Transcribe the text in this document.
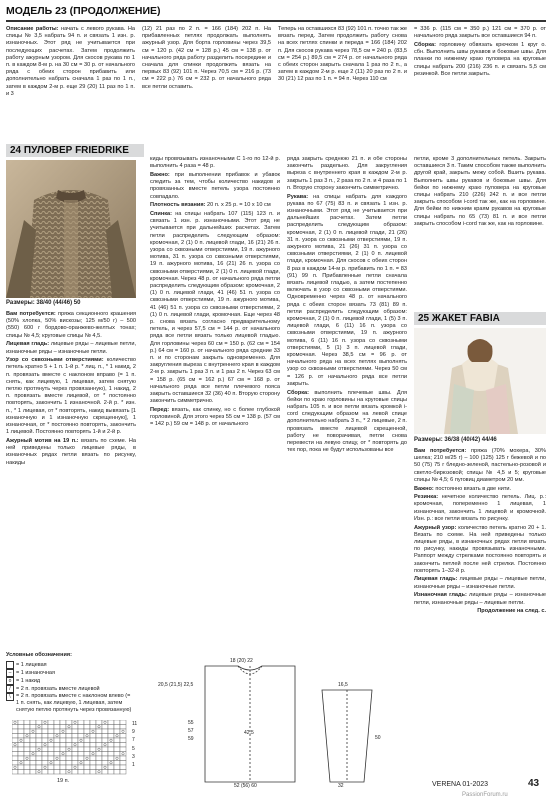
МОДЕЛЬ 23 (ПРОДОЛЖЕНИЕ)

Описание работы: начать с левого рукава. На спицы № 3,5 набрать 94 п. и связать 1 изн. р. изнаночных. Этот ряд не учитывается при последующих расчетах. Затем продолжить работу ажурным узором. Для скосов рукава по 1 п. в каждом 8-м р. на 30 см = 30 р. от начального ряда с обеих сторон прибавить или дополнительно набрать сначала 1 раз по 1 п., затем в каждом 2-м р. еще 29 (20) 11 раз по 1 п. и 3

(12) 21 раз по 2 п. = 166 (184) 202 п. На прибавленных петлях продолжать выполнять ажурный узор. Для борта горловины через 39,5 см = 120 р. (42 см = 128 р.) 45 см = 138 р. от начального ряда работу разделить посередине и сначала для спинки продолжить вязать на первых 83 (92) 101 п. Через 70,5 см = 216 р. (73 см = 222 р.) 76 см = 232 р. от начального ряда все петли оставить.

Теперь на оставшихся 83 (92) 101 п. точно так же вязать перед. Затем продолжить работу снова на всех петлях спинки и переда = 166 (184) 202 п. Для скосов рукава через 78,5 см = 240 р. (83,5 см = 254 р.) 89,5 см = 274 р. от начального ряда с обеих сторон закрыть сначала 1 раз по 2 п., а затем в каждом 2-м р. еще 2 (11) 20 раз по 2 п. и 30 (21) 12 раз по 1 п. = 94 п. Через 110 см

= 336 р. (115 см = 350 р.) 121 см = 370 р. от начального ряда закрыть все оставшиеся 94 п.

Сборка: горловину обвязать крючком 1 круг о. сбн. Выполнить швы рукавов и боковые швы. Для планки по нижнему краю пуловера на круговые спицы набрать 200 (216) 236 п. и связать 5,5 см резинкой. Все петли закрыть.

24 ПУЛОВЕР FRIEDRIKE
Размеры: 38/40 (44/46) 50

Вам потребуется: пряжа секционного крашения (50% хлопка, 50% вискозы; 125 м/50 г) – 500 (550) 600 г бордово-оранжево-желтых тонах; спицы № 4,5; круговые спицы № 4,5.

Лицевая гладь: лицевые ряды – лицевые петли, изнаночные ряды – изнаночные петли.

Узор со сквозными отверстиями: количество петель кратно 5 + 1 п. 1-й р. * лиц. п., * 1 накид, 2 п. провязать вместе с наклоном вправо (= 1 п. снять, как лицевую, 1 лицевая, затем снятую петлю протянуть через провязанную), 1 накид, 2 п. провязать вместе лицевой, от * постоянно повторять, закончить 1 изнаночной. 2-й р. * изн. п., * 1 лицевая, от * повторять, накид вывязать [1 изнаночную и 1 изнаночную скрещенную], 1 изнаночная, от * постоянно повторять, закончить 1 лицевой. Постоянно повторять 1-й и 2-й р.

Ажурный мотив на 19 п.: вязать по схеме. На ней приведены только лицевые ряды, в изнаночных рядах петли вязать по рисунку, накиды

Условные обозначения:
= 1 лицевая
– = 1 изнаночная
о = 1 накид
/ = 2 п. провязать вместе лицевой
\ = 2 п. провязать вместе с наклоном влево (= 1 п. снять, как лицевую, 1 лицевая, затем снятую петлю протянуть через провязанную)
11
9
7
5
3
1
19 п.

киды провязывать изнаночными С 1-го по 12-й р. выполнить 4 раза = 48 р.

Важно: при выполнении прибавок и убавок следить за тем, чтобы количество накидов и провязанных вместе петель узора постоянно совпадало.

Плотность вязания: 20 п. х 25 р. = 10 х 10 см

Спинка: на спицы набрать 107 (115) 123 п. и связать 1 изн. р. изнаночными. Этот ряд не учитывается при дальнейших расчетах. Затем петли распределить следующим образом: кромочная, 2 (1) 0 п. лицевой глади, 16 (21) 26 п. узора со сквозными отверстиями, 19 п. ажурного мотива, 31 п. узора со сквозными отверстиями, 19 п. ажурного мотива, 16 (21) 26 п. узора со сквозными отверстиями, 2 (1) 0 п. лицевой глади, кромочная. Через 48 р. от начального ряда петли распределить следующим образом: кромочная, 2 (1) 0 п. лицевой глади, 41 (46) 51 п. узора со сквозными отверстиями, 19 п. ажурного мотива, 41 (46) 51 п. узора со сквозными отверстиями, 2 (1) 0 п. лицевой глади, кромочная. Еще через 48 р. снова вязать согласно предварительному петель, и через 57,5 см = 144 р. от начального ряда все петли вязать только лицевой гладью. Для горловины через 60 см = 150 р. (62 см = 154 р.) 64 см = 160 р. от начального ряда средние 33 п. и по сторонам закрыть одновременно. Для закругления выреза с внутреннего края в каждом 2-м р. закрыть 1 раз 3 п. и 1 раз 2 п. Через 63 см = 158 р. (65 см = 162 р.) 67 см = 168 р. от начального ряда все петли плечевого пояса закрыть оставшиеся 32 (36) 40 п. Вторую сторону закончить симметрично.

Перед: вязать, как спинку, но с более глубокой горловиной. Для этого через 55 см = 138 р. (57 см = 142 р.) 59 см = 148 р. от начального

ряда закрыть среднюю 21 п. и обе стороны закончить раздельно. Для закругления выреза с внутреннего края в каждом 2-м р. закрыть 1 раз 3 п., 2 раза по 2 п. и 4 раза по 1 п. Вторую сторону закончить симметрично.

Рукава: на спицы набрать для каждого рукава по 67 (75) 83 п. и связать 1 изн. р. изнаночными. Этот ряд не учитывается при дальнейших расчетах. Затем петли распределить следующим образом: кромочная, 2 (1) 0 п. лицевой глади, 21 (26) 31 п. узора со сквозными отверстиями, 19 п. ажурного мотива, 21 (26) 31 п. узора со сквозными отверстиями, 2 (1) 0 п. лицевой глади, кромочная. Для скосов с обеих сторон 8 раз в каждом 14-м р. прибавить по 1 п. = 83 (91) 99 п. Прибавленные петли сначала вязать лицевой гладью, а затем постепенно включать в узор со сквозными отверстиями. Одновременно через 48 р. от начального ряда с обеих сторон вязать 73 (81) 89 п. петли распределить следующим образом: кромочная, 2 (1) 0 п. лицевой глади, 1 (5) 3 п. лицевой глади, 6 (11) 16 п. узора со сквозными отверстиями, 19 п. ажурного мотива, 6 (11) 16 п. узора со сквозными отверстиями, 5 (1) 3 п. лицевой глади, кромочная. Через 38,5 см = 96 р. от начального ряда на всех петлях выполнять узор со сквозными отверстиями. Через 50 см = 126 р. от начального ряда все петли закрыть.

Сборка: выполнить плечевые швы. Для бейки по краю горловины на круговые спицы набрать 105 п. и все петли вязать кромкой i-cord следующим образом на левой спице дополнительно набрать 3 п., * 2 лицевые, 2 п. провязать вместе лицевой скрещенной, работу не поворачивая, петли снова перевести на левую спицу, от * повторять до тех пор, пока не будут использованы все

петли, кроме 3 дополнительных петель. Закрыть оставшиеся 3 п. Таким способом также выполнить другой край, закрыть межу собой. Вшить рукава. Выполнить швы рукавов и боковые швы. Для бейки по нижнему краю пуловера на круговые спицы набрать 210 (226) 242 п. и все петли закрыть способом i-cord так же, как на горловине. Для бейки по нижним краям рукавов на круговые спицы набрать по 65 (73) 81 п. и все петли закрыть способом i-cord так же, как на горловине.

18 (20) 22
20,5 (21,5) 22,5
55
57
59
42,5
16,5
50
32
52 (56) 60
25 ЖАКЕТ FABIA
Размеры: 36/38 (40/42) 44/46

Вам потребуется: пряжа (70% мохера, 30% шелка; 210 м/25 г) – 100 (125) 125 г бежевой и по 50 (75) 75 г бледно-зеленой, пастельно-розовой и светло-бирюзовой; спицы № 4,5 и 5; круговые спицы № 4,5; 6 пуговиц диаметром 20 мм.

Важно: постоянно вязать в две нити.

Резинка: нечетное количество петель. Лиц. р.: кромочная, попеременно 1 лицевая, 1 изнаночная, закончить 1 лицевой и кромочной. Изн. р.: все петли вязать по рисунку.

Ажурный узор: количество петель кратно 20 + 1. Вязать по схеме. На ней приведены только лицевые ряды, в изнаночных рядах петли вязать по рисунку, накиды провязывать изнаночными. Раппорт между стрелками постоянно повторять и закончить петлей после ней стрелки. Постоянно повторять 1–32-й р.

Лицевая гладь: лицевые ряды – лицевые петли, изнаночные ряды – изнаночные петли.

Изнаночная гладь: лицевые ряды – изнаночные петли, изнаночные ряды – лицевые петли.

Продолжение на след. с.

VERENA 01-2023	43
PassionForum.ru
